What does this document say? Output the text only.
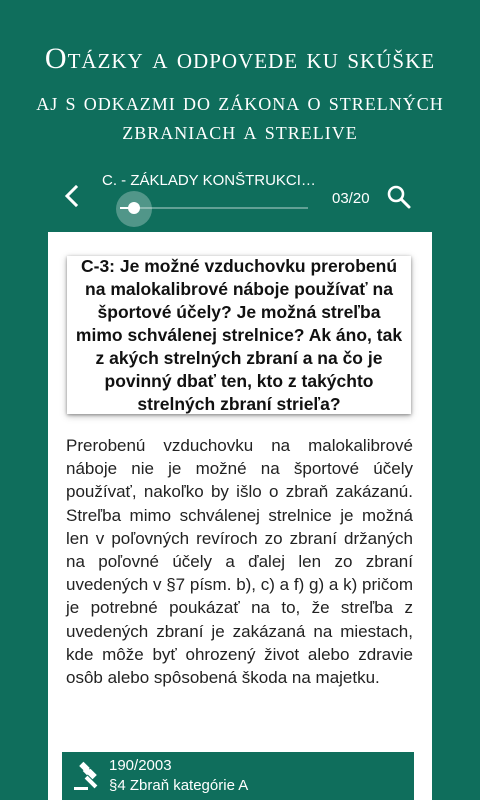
Otázky a odpovede ku skúške
aj s odkazmi do zákona o strelných zbraniach a strelive
C. - ZÁKLADY KONŠTRUKCI…
03/20

C-3: Je možné vzduchovku prerobenú na malokalibrové náboje používať na športové účely? Je možná streľba mimo schválenej strelnice? Ak áno, tak z akých strelných zbraní a na čo je povinný dbať ten, kto z takýchto strelných zbraní strieľa?

Prerobenú vzduchovku na malokalibrové náboje nie je možné na športové účely používať, nakoľko by išlo o zbraň zakázanú. Streľba mimo schválenej strelnice je možná len v poľovných revíroch zo zbraní držaných na poľovné účely a ďalej len zo zbraní uvedených v §7 písm. b), c) a f) g) a k) pričom je potrebné poukázať na to, že streľba z uvedených zbraní je zakázaná na miestach, kde môže byť ohrozený život alebo zdravie osôb alebo spôsobená škoda na majetku.

190/2003
§4 Zbraň kategórie A
